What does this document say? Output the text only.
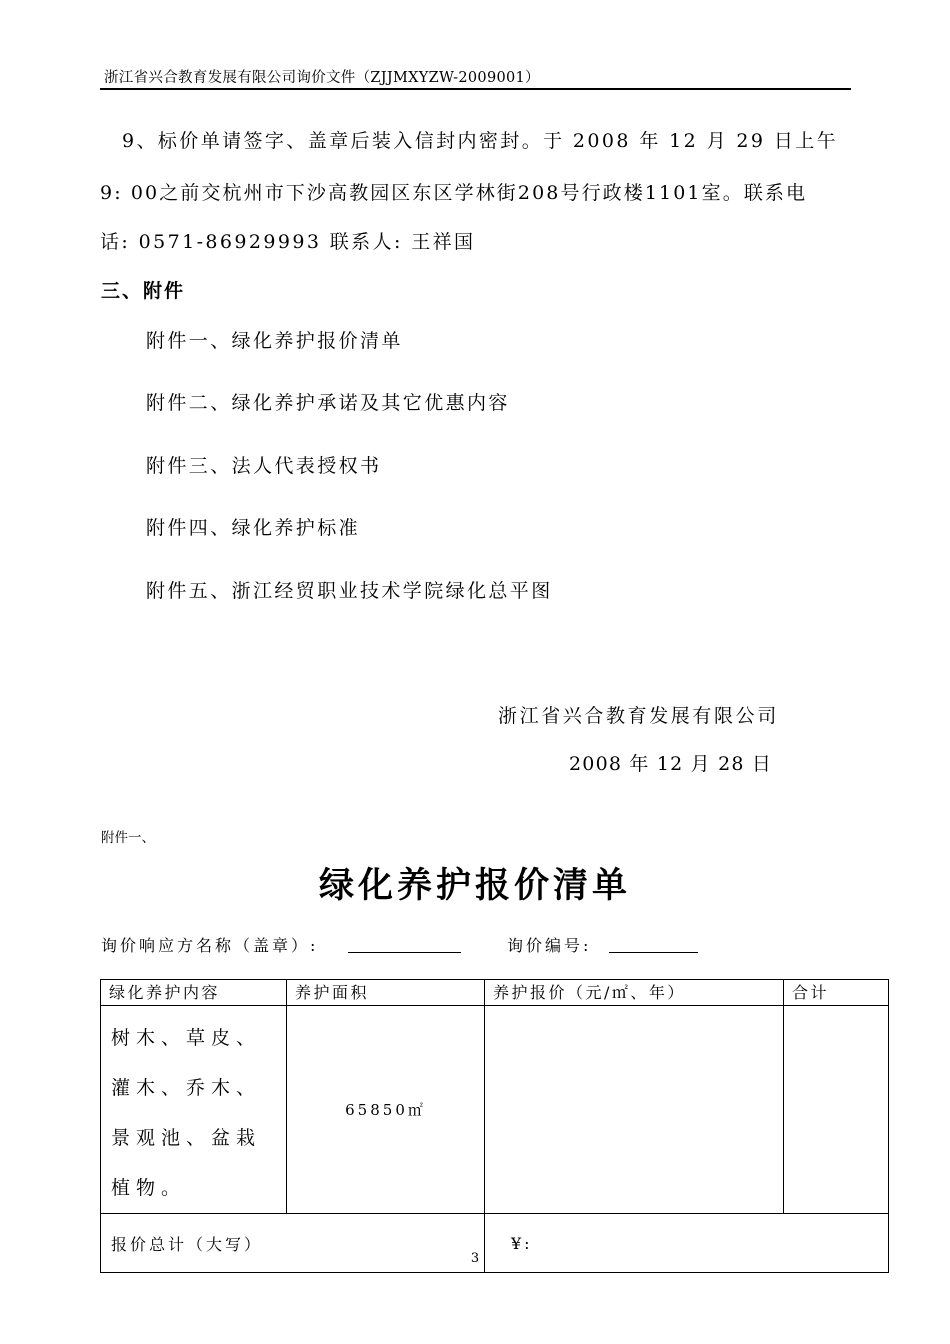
浙江省兴合教育发展有限公司询价文件（ZJJMXYZW-2009001）
9、标价单请签字、盖章后装入信封内密封。于 2008 年 12 月 29 日上午
9: 00之前交杭州市下沙高教园区东区学林街208号行政楼1101室。联系电
话: 0571-86929993 联系人: 王祥国
三、附件
附件一、绿化养护报价清单
附件二、绿化养护承诺及其它优惠内容
附件三、法人代表授权书
附件四、绿化养护标准
附件五、浙江经贸职业技术学院绿化总平图
浙江省兴合教育发展有限公司
2008 年 12 月 28 日
附件一、
绿化养护报价清单
询价响应方名称（盖章）:	询价编号:
绿化养护内容	养护面积	养护报价（元/㎡、年）	合计
树木、草皮、灌木、乔木、景观池、盆栽植物。	65850㎡		
报价总计（大写）		¥:	
3
